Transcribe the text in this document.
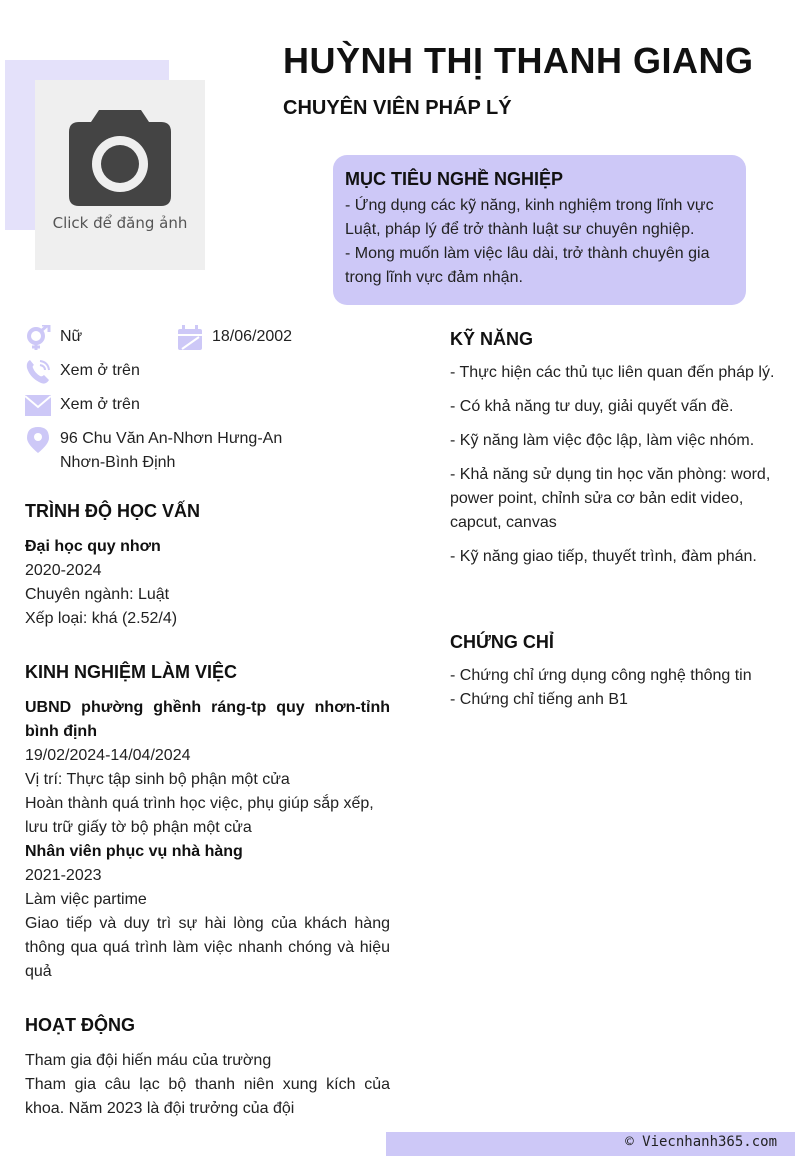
Click để đăng ảnh
HUỲNH THỊ THANH GIANG
CHUYÊN VIÊN PHÁP LÝ
MỤC TIÊU NGHỀ NGHIỆP

- Ứng dụng các kỹ năng, kinh nghiệm trong lĩnh vực Luật, pháp lý để trở thành luật sư chuyên nghiệp.

- Mong muốn làm việc lâu dài, trở thành chuyên gia trong lĩnh vực đảm nhận.

Nữ	18/06/2002
Xem ở trên
Xem ở trên
96 Chu Văn An-Nhơn Hưng-An Nhơn-Bình Định
TRÌNH ĐỘ HỌC VẤN
Đại học quy nhơn
2020-2024
Chuyên ngành: Luật
Xếp loại: khá (2.52/4)
KINH NGHIỆM LÀM VIỆC
UBND phường ghềnh ráng-tp quy nhơn-tỉnh bình định
19/02/2024-14/04/2024
Vị trí: Thực tập sinh bộ phận một cửa
Hoàn thành quá trình học việc, phụ giúp sắp xếp, lưu trữ giấy tờ bộ phận một cửa
Nhân viên phục vụ nhà hàng
2021-2023
Làm việc partime
Giao tiếp và duy trì sự hài lòng của khách hàng thông qua quá trình làm việc nhanh chóng và hiệu quả
HOẠT ĐỘNG
Tham gia đội hiến máu của trường
Tham gia câu lạc bộ thanh niên xung kích của khoa. Năm 2023 là đội trưởng của đội
KỸ NĂNG
- Thực hiện các thủ tục liên quan đến pháp lý.
- Có khả năng tư duy, giải quyết vấn đề.
- Kỹ năng làm việc độc lập, làm việc nhóm.
- Khả năng sử dụng tin học văn phòng: word, power point, chỉnh sửa cơ bản edit video, capcut, canvas
- Kỹ năng giao tiếp, thuyết trình, đàm phán.
CHỨNG CHỈ
- Chứng chỉ ứng dụng công nghệ thông tin
- Chứng chỉ tiếng anh B1
© Viecnhanh365.com
